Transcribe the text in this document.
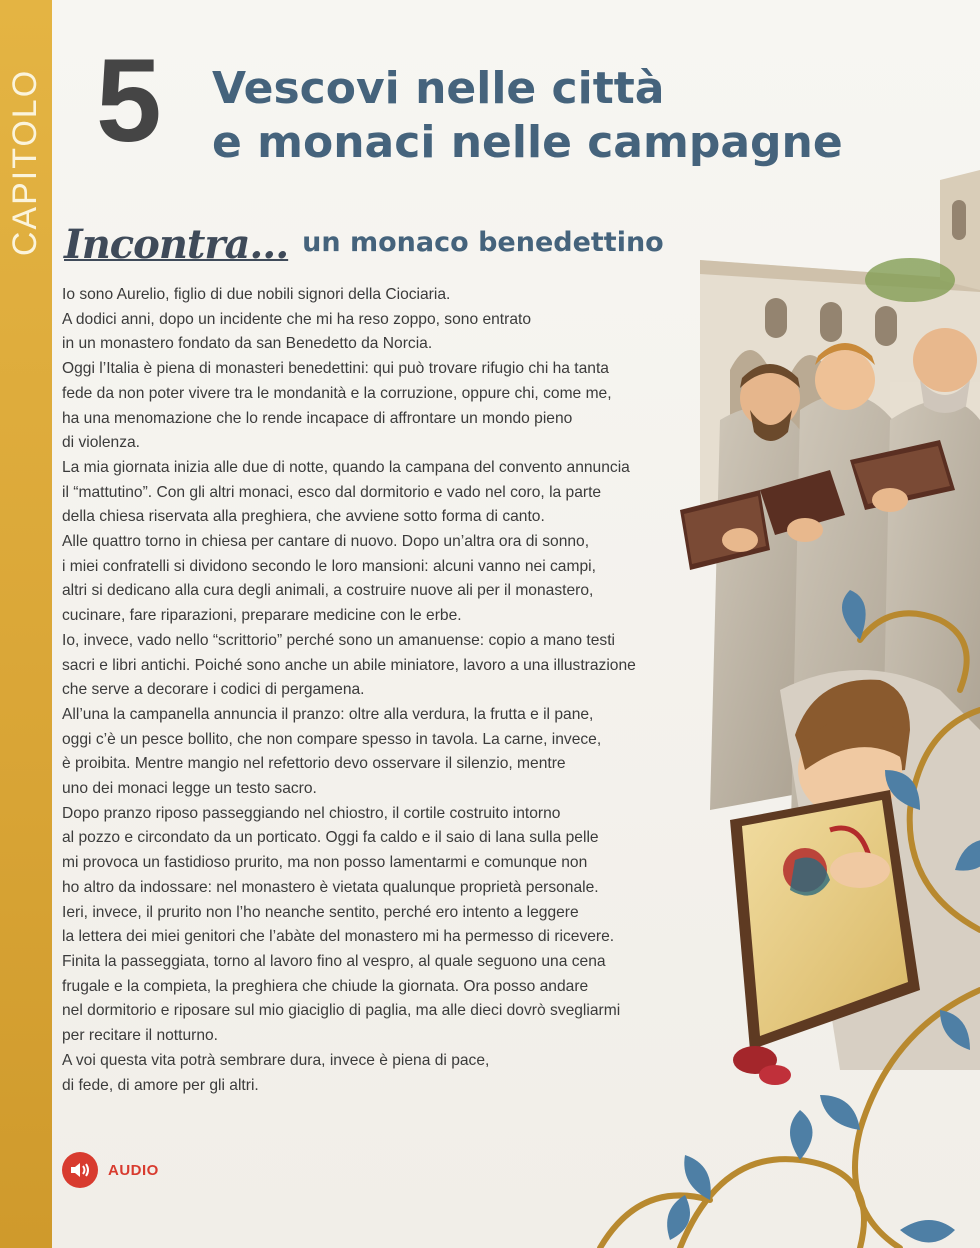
CAPITOLO 5 Vescovi nelle città
e monaci nelle campagne
Incontra... un monaco benedettino
Io sono Aurelio, figlio di due nobili signori della Ciociaria.
A dodici anni, dopo un incidente che mi ha reso zoppo, sono entrato
in un monastero fondato da san Benedetto da Norcia.
Oggi l’Italia è piena di monasteri benedettini: qui può trovare rifugio chi ha tanta
fede da non poter vivere tra le mondanità e la corruzione, oppure chi, come me,
ha una menomazione che lo rende incapace di affrontare un mondo pieno
di violenza.
La mia giornata inizia alle due di notte, quando la campana del convento annuncia
il “mattutino”. Con gli altri monaci, esco dal dormitorio e vado nel coro, la parte
della chiesa riservata alla preghiera, che avviene sotto forma di canto.
Alle quattro torno in chiesa per cantare di nuovo. Dopo un’altra ora di sonno,
i miei confratelli si dividono secondo le loro mansioni: alcuni vanno nei campi,
altri si dedicano alla cura degli animali, a costruire nuove ali per il monastero,
cucinare, fare riparazioni, preparare medicine con le erbe.
Io, invece, vado nello “scrittorio” perché sono un amanuense: copio a mano testi
sacri e libri antichi. Poiché sono anche un abile miniatore, lavoro a una illustrazione
che serve a decorare i codici di pergamena.
All’una la campanella annuncia il pranzo: oltre alla verdura, la frutta e il pane,
oggi c’è un pesce bollito, che non compare spesso in tavola. La carne, invece,
è proibita. Mentre mangio nel refettorio devo osservare il silenzio, mentre
uno dei monaci legge un testo sacro.
Dopo pranzo riposo passeggiando nel chiostro, il cortile costruito intorno
al pozzo e circondato da un porticato. Oggi fa caldo e il saio di lana sulla pelle
mi provoca un fastidioso prurito, ma non posso lamentarmi e comunque non
ho altro da indossare: nel monastero è vietata qualunque proprietà personale.
Ieri, invece, il prurito non l’ho neanche sentito, perché ero intento a leggere
la lettera dei miei genitori che l’abàte del monastero mi ha permesso di ricevere.
Finita la passeggiata, torno al lavoro fino al vespro, al quale seguono una cena
frugale e la compieta, la preghiera che chiude la giornata. Ora posso andare
nel dormitorio e riposare sul mio giaciglio di paglia, ma alle dieci dovrò svegliarmi
per recitare il notturno.
A voi questa vita potrà sembrare dura, invece è piena di pace,
di fede, di amore per gli altri.
AUDIO
